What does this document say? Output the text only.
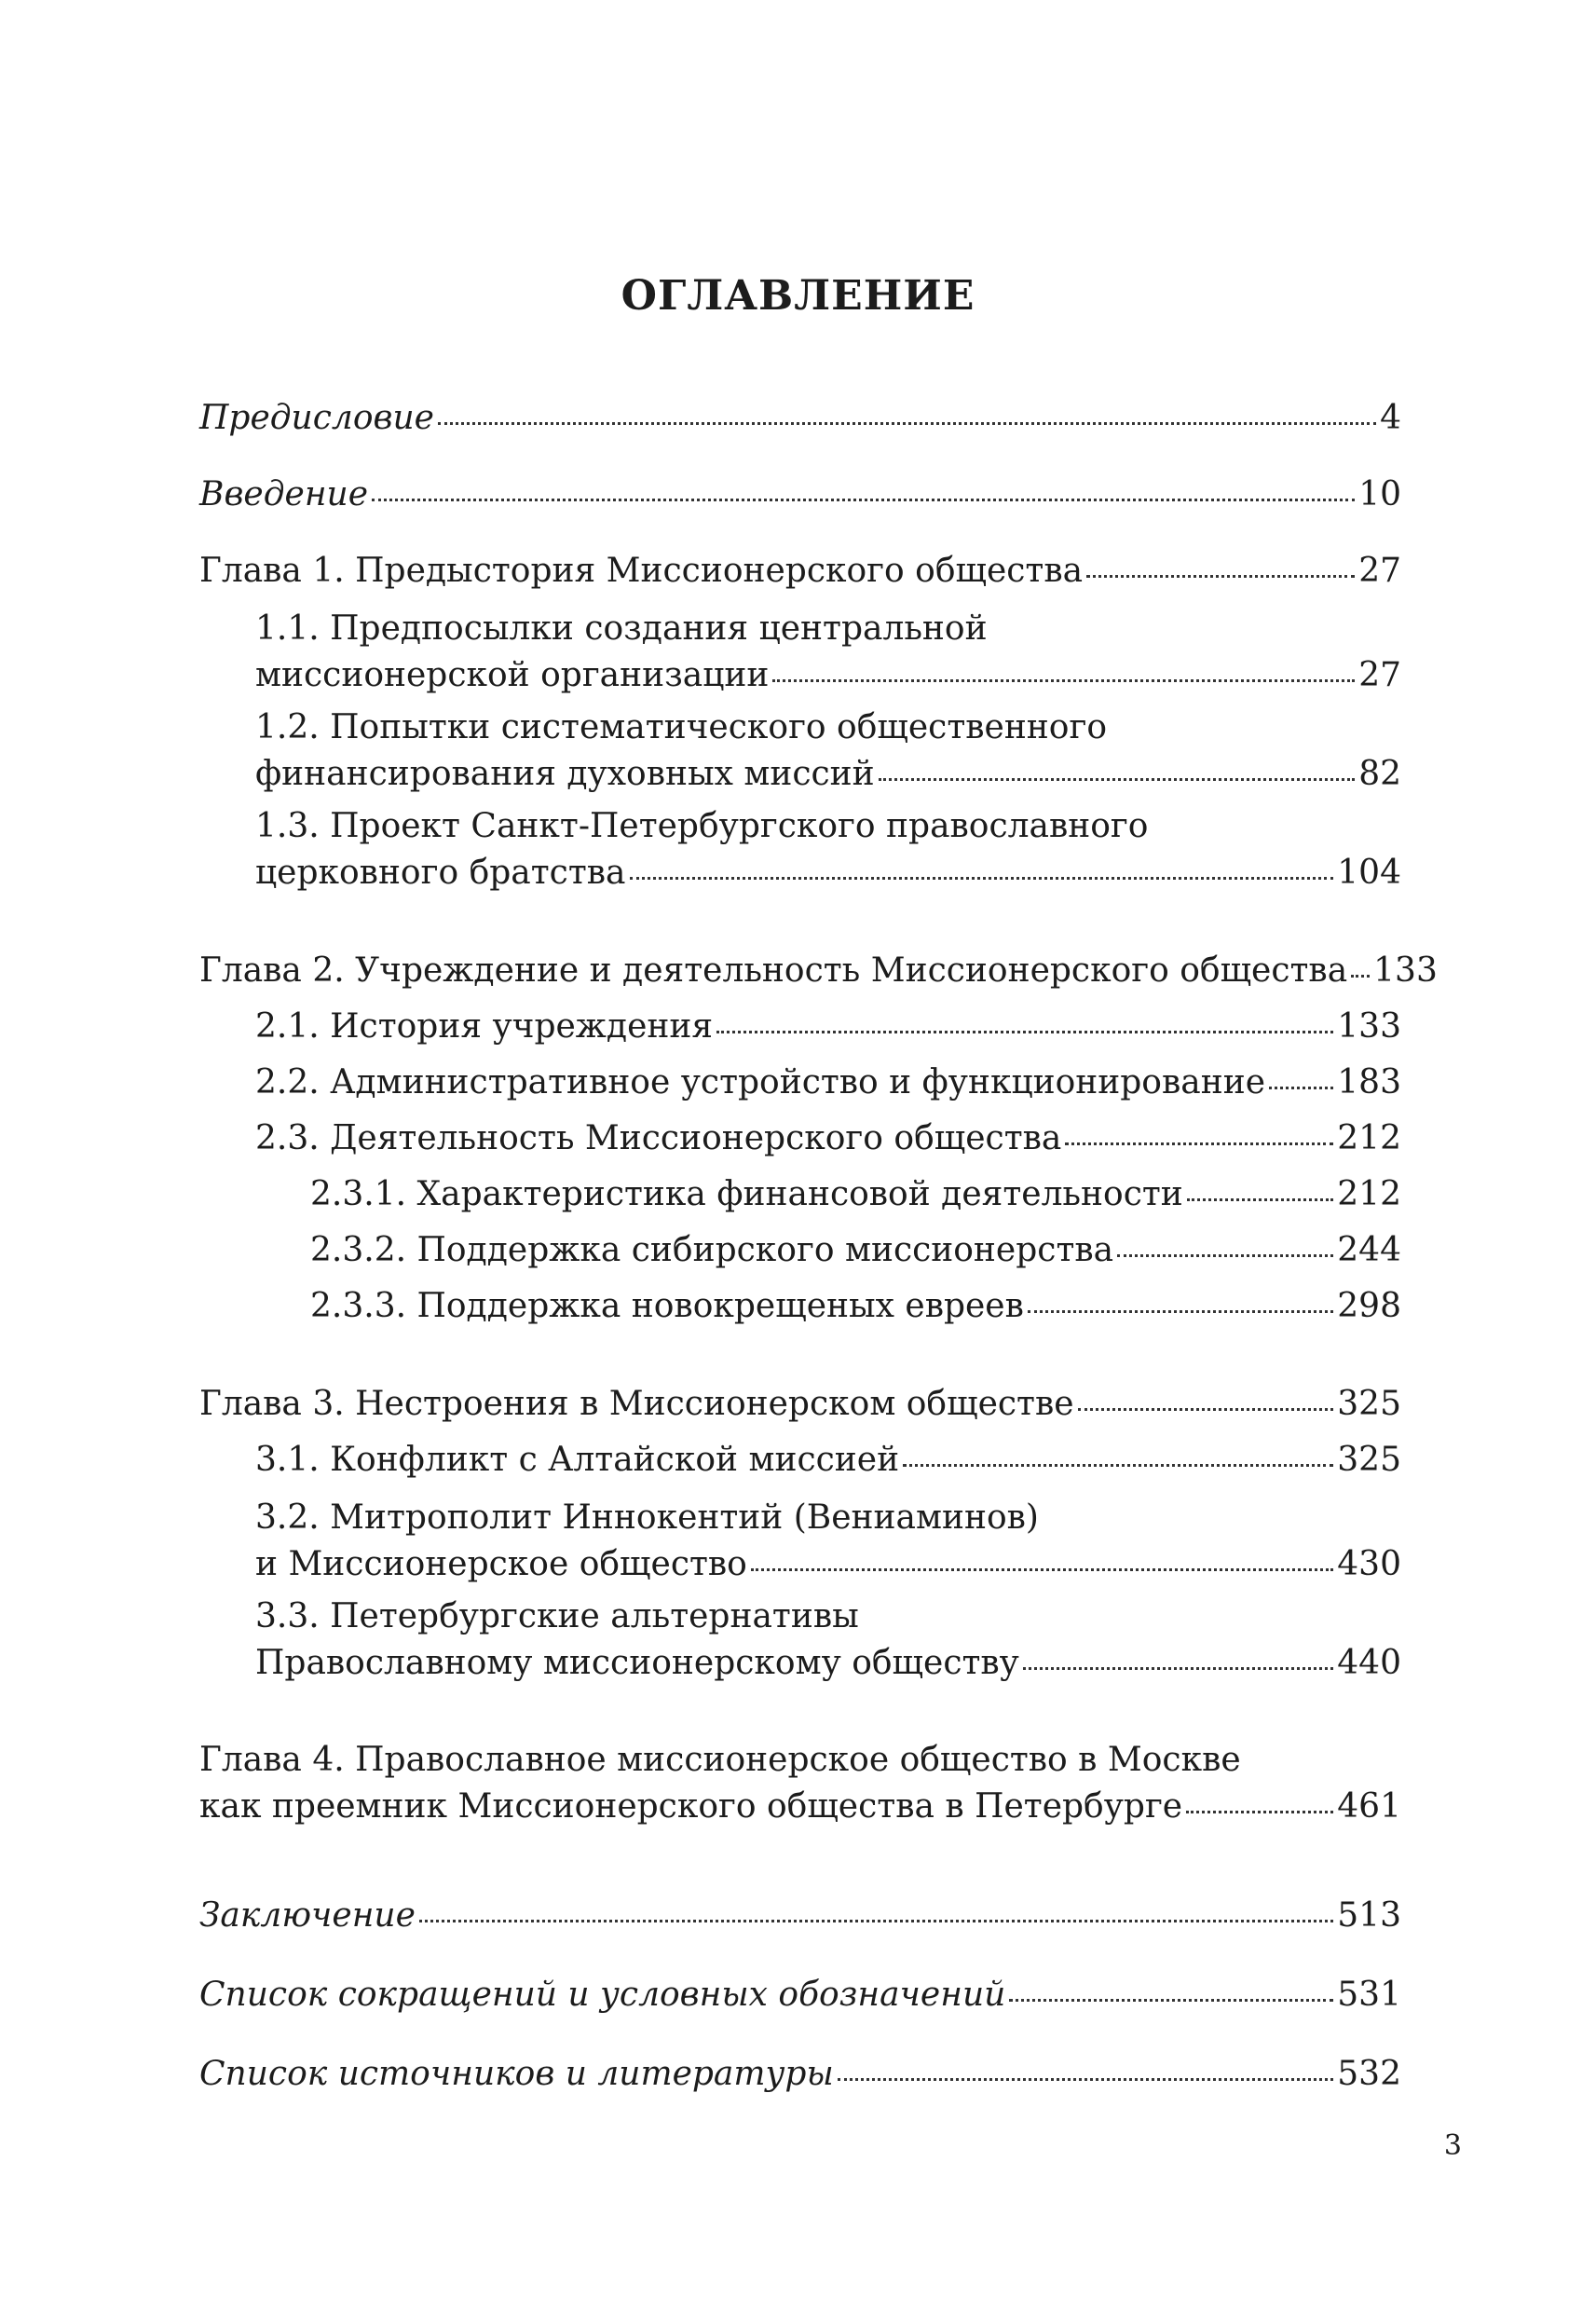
ОГЛАВЛЕНИЕ
Предисловие	4
Введение	10
Глава 1. Предыстория Миссионерского общества	27
1.1. Предпосылки создания центральной
миссионерской организации	27
1.2. Попытки систематического общественного
финансирования духовных миссий	82
1.3. Проект Санкт-Петербургского православного
церковного братства	104
Глава 2. Учреждение и деятельность Миссионерского общества 133
2.1. История учреждения	133
2.2. Административное устройство и функционирование 183
2.3. Деятельность Миссионерского общества	212
2.3.1. Характеристика финансовой деятельности	212
2.3.2. Поддержка сибирского миссионерства	244
2.3.3. Поддержка новокрещеных евреев	298
Глава 3. Нестроения в Миссионерском обществе	325
3.1. Конфликт с Алтайской миссией	325
3.2. Митрополит Иннокентий (Вениаминов)
и Миссионерское общество	430
3.3. Петербургские альтернативы
Православному миссионерскому обществу	440
Глава 4. Православное миссионерское общество в Москве
как преемник Миссионерского общества в Петербурге	461
Заключение	513
Список сокращений и условных обозначений	531
Список источников и литературы	532
3
